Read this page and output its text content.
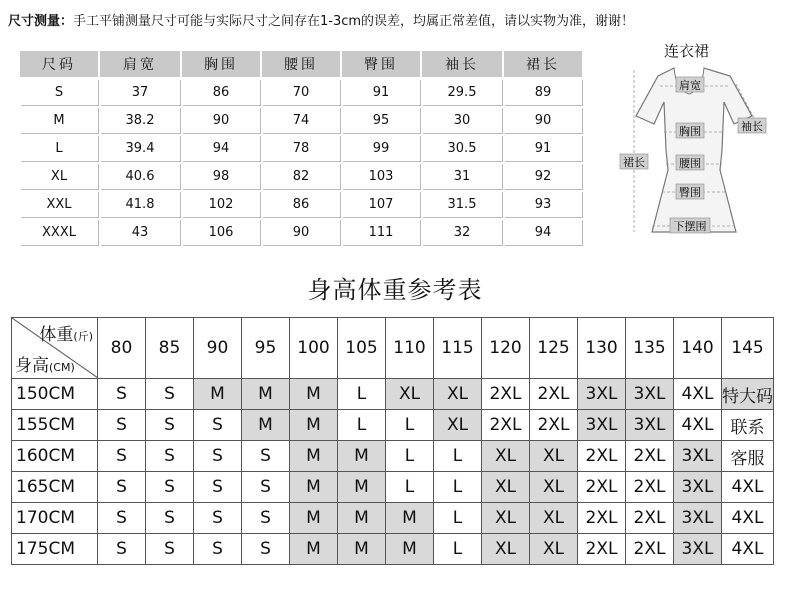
尺寸测量：手工平铺测量尺寸可能与实际尺寸之间存在1-3cm的误差，均属正常差值，请以实物为准，谢谢！
尺码	肩宽	胸围	腰围	臀围	袖长	裙长
S	37	86	70	91	29.5	89
M	38.2	90	74	95	30	90
L	39.4	94	78	99	30.5	91
XL	40.6	98	82	103	31	92
XXL	41.8	102	86	107	31.5	93
XXXL	43	106	90	111	32	94
连衣裙
肩宽
胸围
腰围
臀围
下摆围
袖长
裙长
身高体重参考表
体重(斤)
身高(CM)	80	85	90	95	100	105	110	115	120	125	130	135	140	145
150CM	S	S	M	M	M	L	XL	XL	2XL	2XL	3XL	3XL	4XL	特大码
155CM	S	S	S	M	M	L	L	XL	2XL	2XL	3XL	3XL	4XL	联系
160CM	S	S	S	S	M	M	L	L	XL	XL	2XL	2XL	3XL	客服
165CM	S	S	S	S	M	M	L	L	XL	XL	2XL	2XL	3XL	4XL
170CM	S	S	S	S	M	M	M	L	XL	XL	2XL	2XL	3XL	4XL
175CM	S	S	S	S	M	M	M	L	XL	XL	2XL	2XL	3XL	4XL
